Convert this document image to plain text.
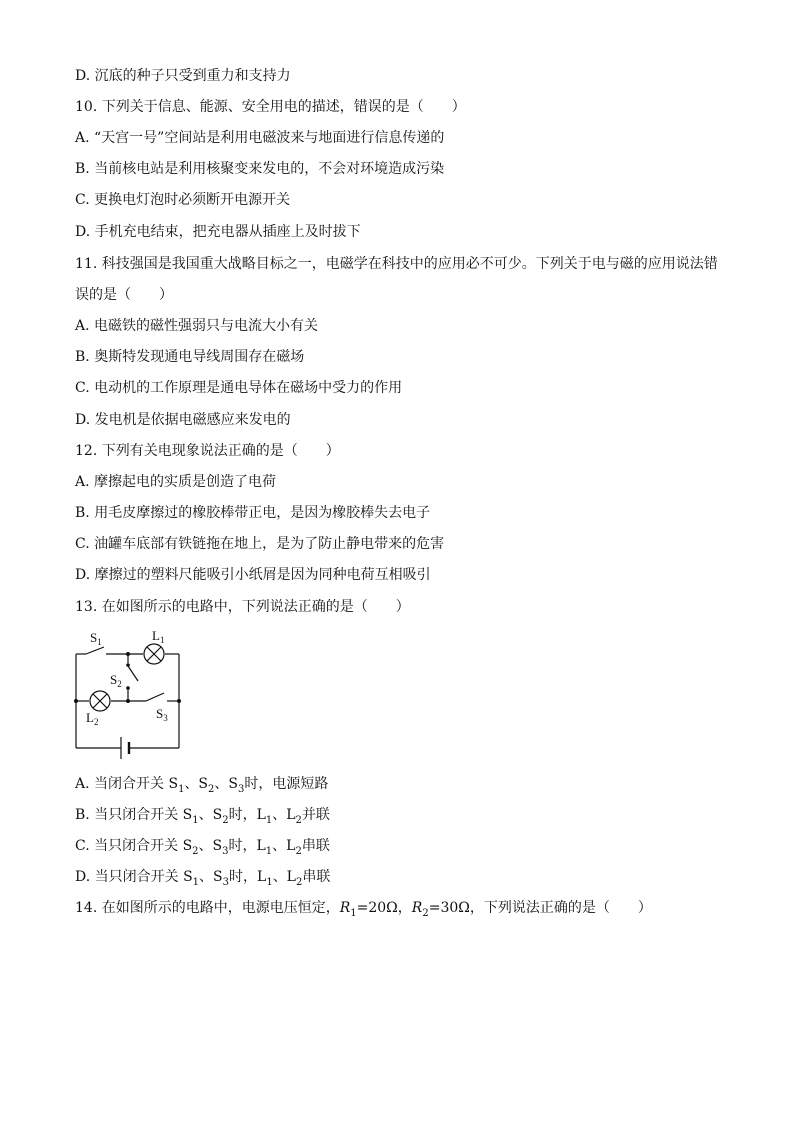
D. 沉底的种子只受到重力和支持力
10. 下列关于信息、能源、安全用电的描述，错误的是（　　）
A. “天宫一号”空间站是利用电磁波来与地面进行信息传递的
B. 当前核电站是利用核聚变来发电的，不会对环境造成污染
C. 更换电灯泡时必须断开电源开关
D. 手机充电结束，把充电器从插座上及时拔下
11. 科技强国是我国重大战略目标之一，电磁学在科技中的应用必不可少。下列关于电与磁的应用说法错
误的是（　　）
A. 电磁铁的磁性强弱只与电流大小有关
B. 奥斯特发现通电导线周围存在磁场
C. 电动机的工作原理是通电导体在磁场中受力的作用
D. 发电机是依据电磁感应来发电的
12. 下列有关电现象说法正确的是（　　）
A. 摩擦起电的实质是创造了电荷
B. 用毛皮摩擦过的橡胶棒带正电，是因为橡胶棒失去电子
C. 油罐车底部有铁链拖在地上，是为了防止静电带来的危害
D. 摩擦过的塑料尺能吸引小纸屑是因为同种电荷互相吸引
13. 在如图所示的电路中，下列说法正确的是（　　）
$S_1$	$L_1$
$S_2$
$L_2$
$S_3$
A. 当闭合开关 $S_1$、$S_2$、$S_3$时，电源短路
B. 当只闭合开关 $S_1$、$S_2$时，$L_1$、$L_2$并联
C. 当只闭合开关 $S_2$、$S_3$时，$L_1$、$L_2$串联
D. 当只闭合开关 $S_1$、$S_3$时，$L_1$、$L_2$串联
14. 在如图所示的电路中，电源电压恒定，$R_1=20\Omega$，$R_2=30\Omega$，下列说法正确的是（　　）
